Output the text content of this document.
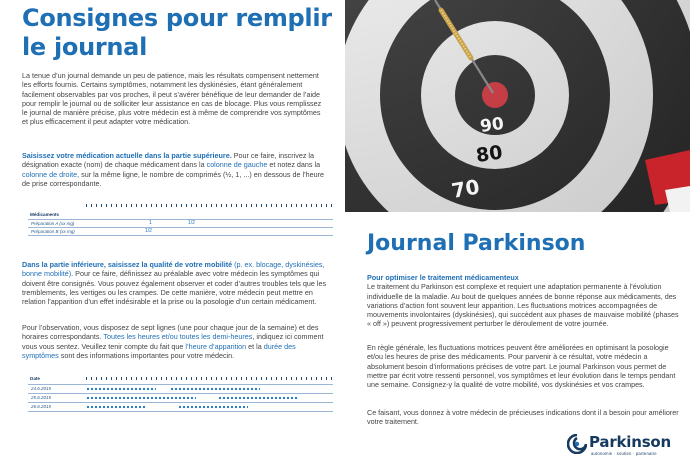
Consignes pour remplir
le journal

La tenue d’un journal demande un peu de patience, mais les résultats compensent nettement les efforts fournis. Certains symptômes, notamment les dyskinésies, étant généralement facilement observables par vos proches, il peut s’avérer bénéfique de leur demander de l’aide pour remplir le journal ou de solliciter leur assistance en cas de blocage. Plus vous remplissez le journal de manière précise, plus votre médecin est à même de comprendre vos symptômes et plus efficacement il peut adapter votre médication.

Saisissez votre médication actuelle dans la partie supérieure. Pour ce faire, inscrivez la désignation exacte (nom) de chaque médicament dans la colonne de gauche et notez dans la colonne de droite, sur la même ligne, le nombre de comprimés (½, 1, ...) en dessous de l’heure de prise correspondante.

Médicaments
Préparation A (xx mg)
Préparation B (xx mg)
1	1/2
1/2

Dans la partie inférieure, saisissez la qualité de votre mobilité (p. ex. blocage, dyskinésies, bonne mobilité). Pour ce faire, définissez au préalable avec votre médecin les symptômes qui doivent être consignés. Vous pouvez également observer et coder d’autres troubles tels que les tremblements, les vertiges ou les crampes. De cette manière, votre médecin peut mettre en relation l’apparition d’un effet indésirable et la prise ou la posologie d’un certain médicament.

Pour l’observation, vous disposez de sept lignes (une pour chaque jour de la semaine) et des horaires correspondants. Toutes les heures et/ou toutes les demi-heures, indiquez ici comment vous vous sentez. Veuillez tenir compte du fait que l’heure d’apparition et la durée des symptômes sont des informations importantes pour votre médecin.

Date
24.6.2015
25.6.2015
26.6.2015
90
80
70
Journal Parkinson

Pour optimiser le traitement médicamenteux
Le traitement du Parkinson est complexe et requiert une adaptation permanente à l’évolution individuelle de la maladie. Au bout de quelques années de bonne réponse aux médicaments, des variations d’action font souvent leur apparition. Les fluctuations motrices accompagnées de mouvements involontaires (dyskinésies), qui succèdent aux phases de mauvaise mobilité (phases « off ») peuvent progressivement perturber le déroulement de votre journée.

En règle générale, les fluctuations motrices peuvent être améliorées en optimisant la posologie et/ou les heures de prise des médicaments. Pour parvenir à ce résultat, votre médecin a absolument besoin d’informations précises de votre part. Le journal Parkinson vous permet de mettre par écrit votre ressenti personnel, vos symptômes et leur évolution dans le temps pendant une semaine. Consignez-y la qualité de votre mobilité, vos dyskinésies et vos crampes.

Ce faisant, vous donnez à votre médecin de précieuses indications dont il a besoin pour améliorer votre traitement.

Parkinson
autonomie · soutien · partenaire
